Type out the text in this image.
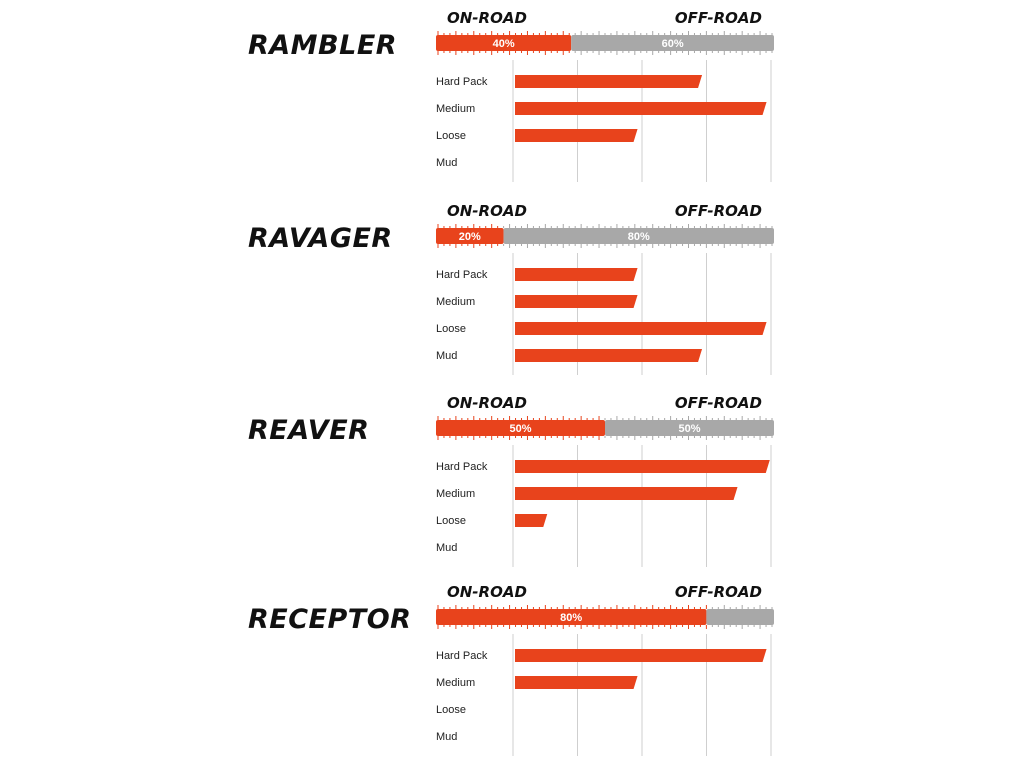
RAMBLER
ON-ROAD	OFF-ROAD
40%	60%
Hard Pack
Medium
Loose
Mud
RAVAGER
ON-ROAD	OFF-ROAD
20%	80%
Hard Pack
Medium
Loose
Mud
REAVER
ON-ROAD	OFF-ROAD
50%	50%
Hard Pack
Medium
Loose
Mud
RECEPTOR
ON-ROAD	OFF-ROAD
80%
Hard Pack
Medium
Loose
Mud
